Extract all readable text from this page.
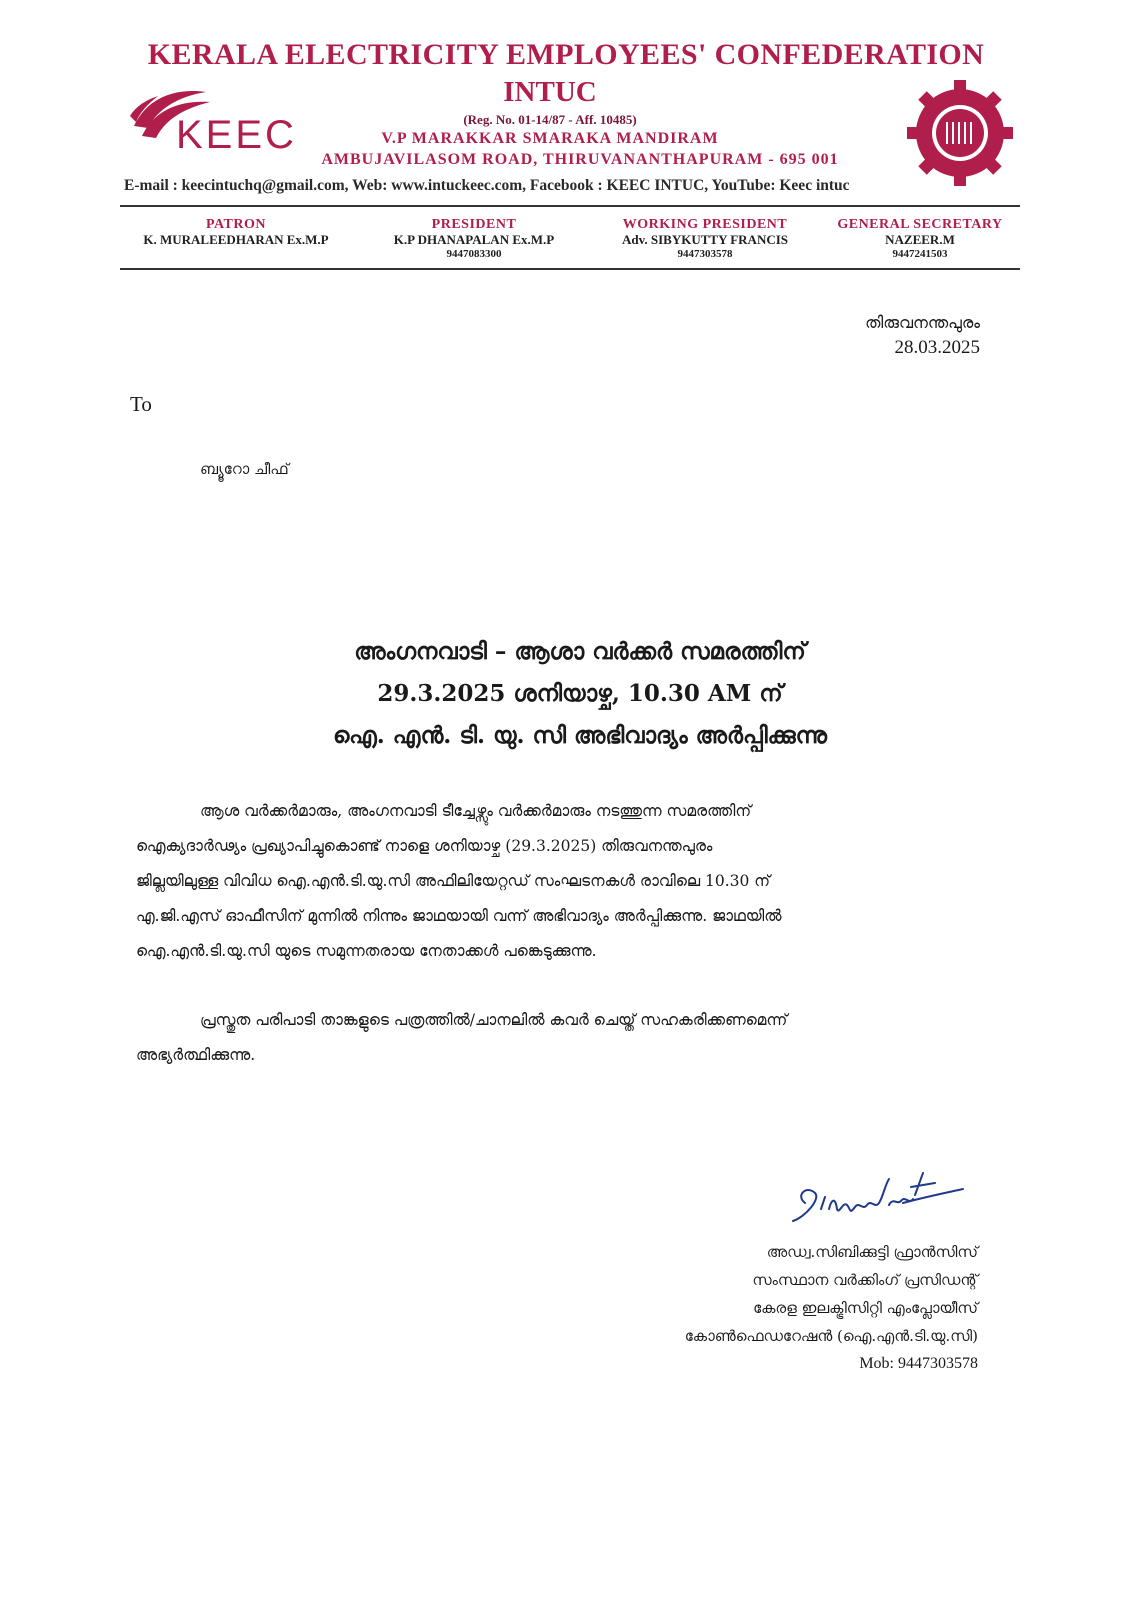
KERALA ELECTRICITY EMPLOYEES' CONFEDERATION
INTUC
KEEC	(Reg. No. 01-14/87 - Aff. 10485)
V.P MARAKKAR SMARAKA MANDIRAM
AMBUJAVILASOM ROAD, THIRUVANANTHAPURAM - 695 001
E-mail : keecintuchq@gmail.com, Web: www.intuckeec.com, Facebook : KEEC INTUC, YouTube: Keec intuc
PATRON
K. MURALEEDHARAN Ex.M.P
PRESIDENT
K.P DHANAPALAN Ex.M.P
9447083300
WORKING PRESIDENT
Adv. SIBYKUTTY FRANCIS
9447303578
GENERAL SECRETARY
NAZEER.M
9447241503
തിരുവനന്തപുരം
28.03.2025
To
ബ്യൂറോ ചീഫ്
അംഗനവാടി – ആശാ വർക്കർ സമരത്തിന്
29.3.2025 ശനിയാഴ്ച, 10.30 AM ന്
ഐ. എൻ. ടി. യു. സി അഭിവാദ്യം അർപ്പിക്കുന്നു
ആശ വർക്കർമാരും, അംഗനവാടി ടീച്ചേഴ്സും വർക്കർമാരും നടത്തുന്ന സമരത്തിന്
ഐക്യദാർഢ്യം പ്രഖ്യാപിച്ചുകൊണ്ട് നാളെ ശനിയാഴ്ച (29.3.2025) തിരുവനന്തപുരം
ജില്ലയിലുള്ള വിവിധ ഐ.എൻ.ടി.യു.സി അഫിലിയേറ്റഡ് സംഘടനകൾ രാവിലെ 10.30 ന്
എ.ജി.എസ് ഓഫീസിന് മുന്നിൽ നിന്നും ജാഥയായി വന്ന് അഭിവാദ്യം അർപ്പിക്കുന്നു. ജാഥയിൽ
ഐ.എൻ.ടി.യു.സി യുടെ സമുന്നതരായ നേതാക്കൾ പങ്കെടുക്കുന്നു.
പ്രസ്തുത പരിപാടി താങ്കളുടെ പത്രത്തിൽ/ചാനലിൽ കവർ ചെയ്ത് സഹകരിക്കണമെന്ന്
അഭ്യർത്ഥിക്കുന്നു.
അഡ്വ.സിബിക്കുട്ടി ഫ്രാൻസിസ്
സംസ്ഥാന വർക്കിംഗ് പ്രസിഡന്റ്
കേരള ഇലക്ട്രിസിറ്റി എംപ്ലോയീസ്
കോൺഫെഡറേഷൻ (ഐ.എൻ.ടി.യു.സി)
Mob: 9447303578
